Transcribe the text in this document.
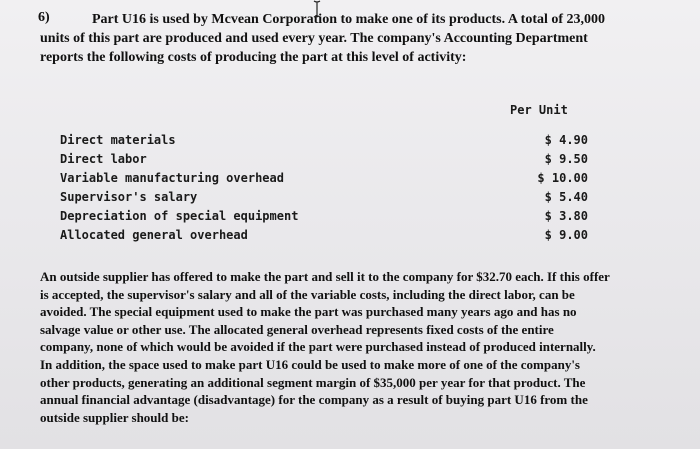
6)	Part U16 is used by Mcvean Corporation to make one of its products. A total of 23,000 units of this part are produced and used every year. The company's Accounting Department reports the following costs of producing the part at this level of activity:
Per Unit
Direct materials	$ 4.90
Direct labor	$ 9.50
Variable manufacturing overhead	$ 10.00
Supervisor's salary	$ 5.40
Depreciation of special equipment	$ 3.80
Allocated general overhead	$ 9.00
An outside supplier has offered to make the part and sell it to the company for $32.70 each. If this offer is accepted, the supervisor's salary and all of the variable costs, including the direct labor, can be avoided. The special equipment used to make the part was purchased many years ago and has no salvage value or other use. The allocated general overhead represents fixed costs of the entire company, none of which would be avoided if the part were purchased instead of produced internally. In addition, the space used to make part U16 could be used to make more of one of the company's other products, generating an additional segment margin of $35,000 per year for that product. The annual financial advantage (disadvantage) for the company as a result of buying part U16 from the outside supplier should be:
